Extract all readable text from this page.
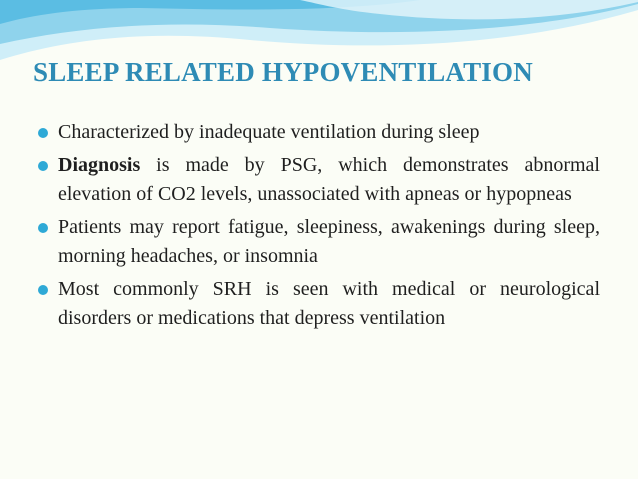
SLEEP RELATED HYPOVENTILATION
Characterized by inadequate ventilation during sleep
Diagnosis is made by PSG, which demonstrates abnormal elevation of CO2 levels, unassociated with apneas or hypopneas
Patients may report fatigue, sleepiness, awakenings during sleep, morning headaches, or insomnia
Most commonly SRH is seen with medical or neurological disorders or medications that depress ventilation
